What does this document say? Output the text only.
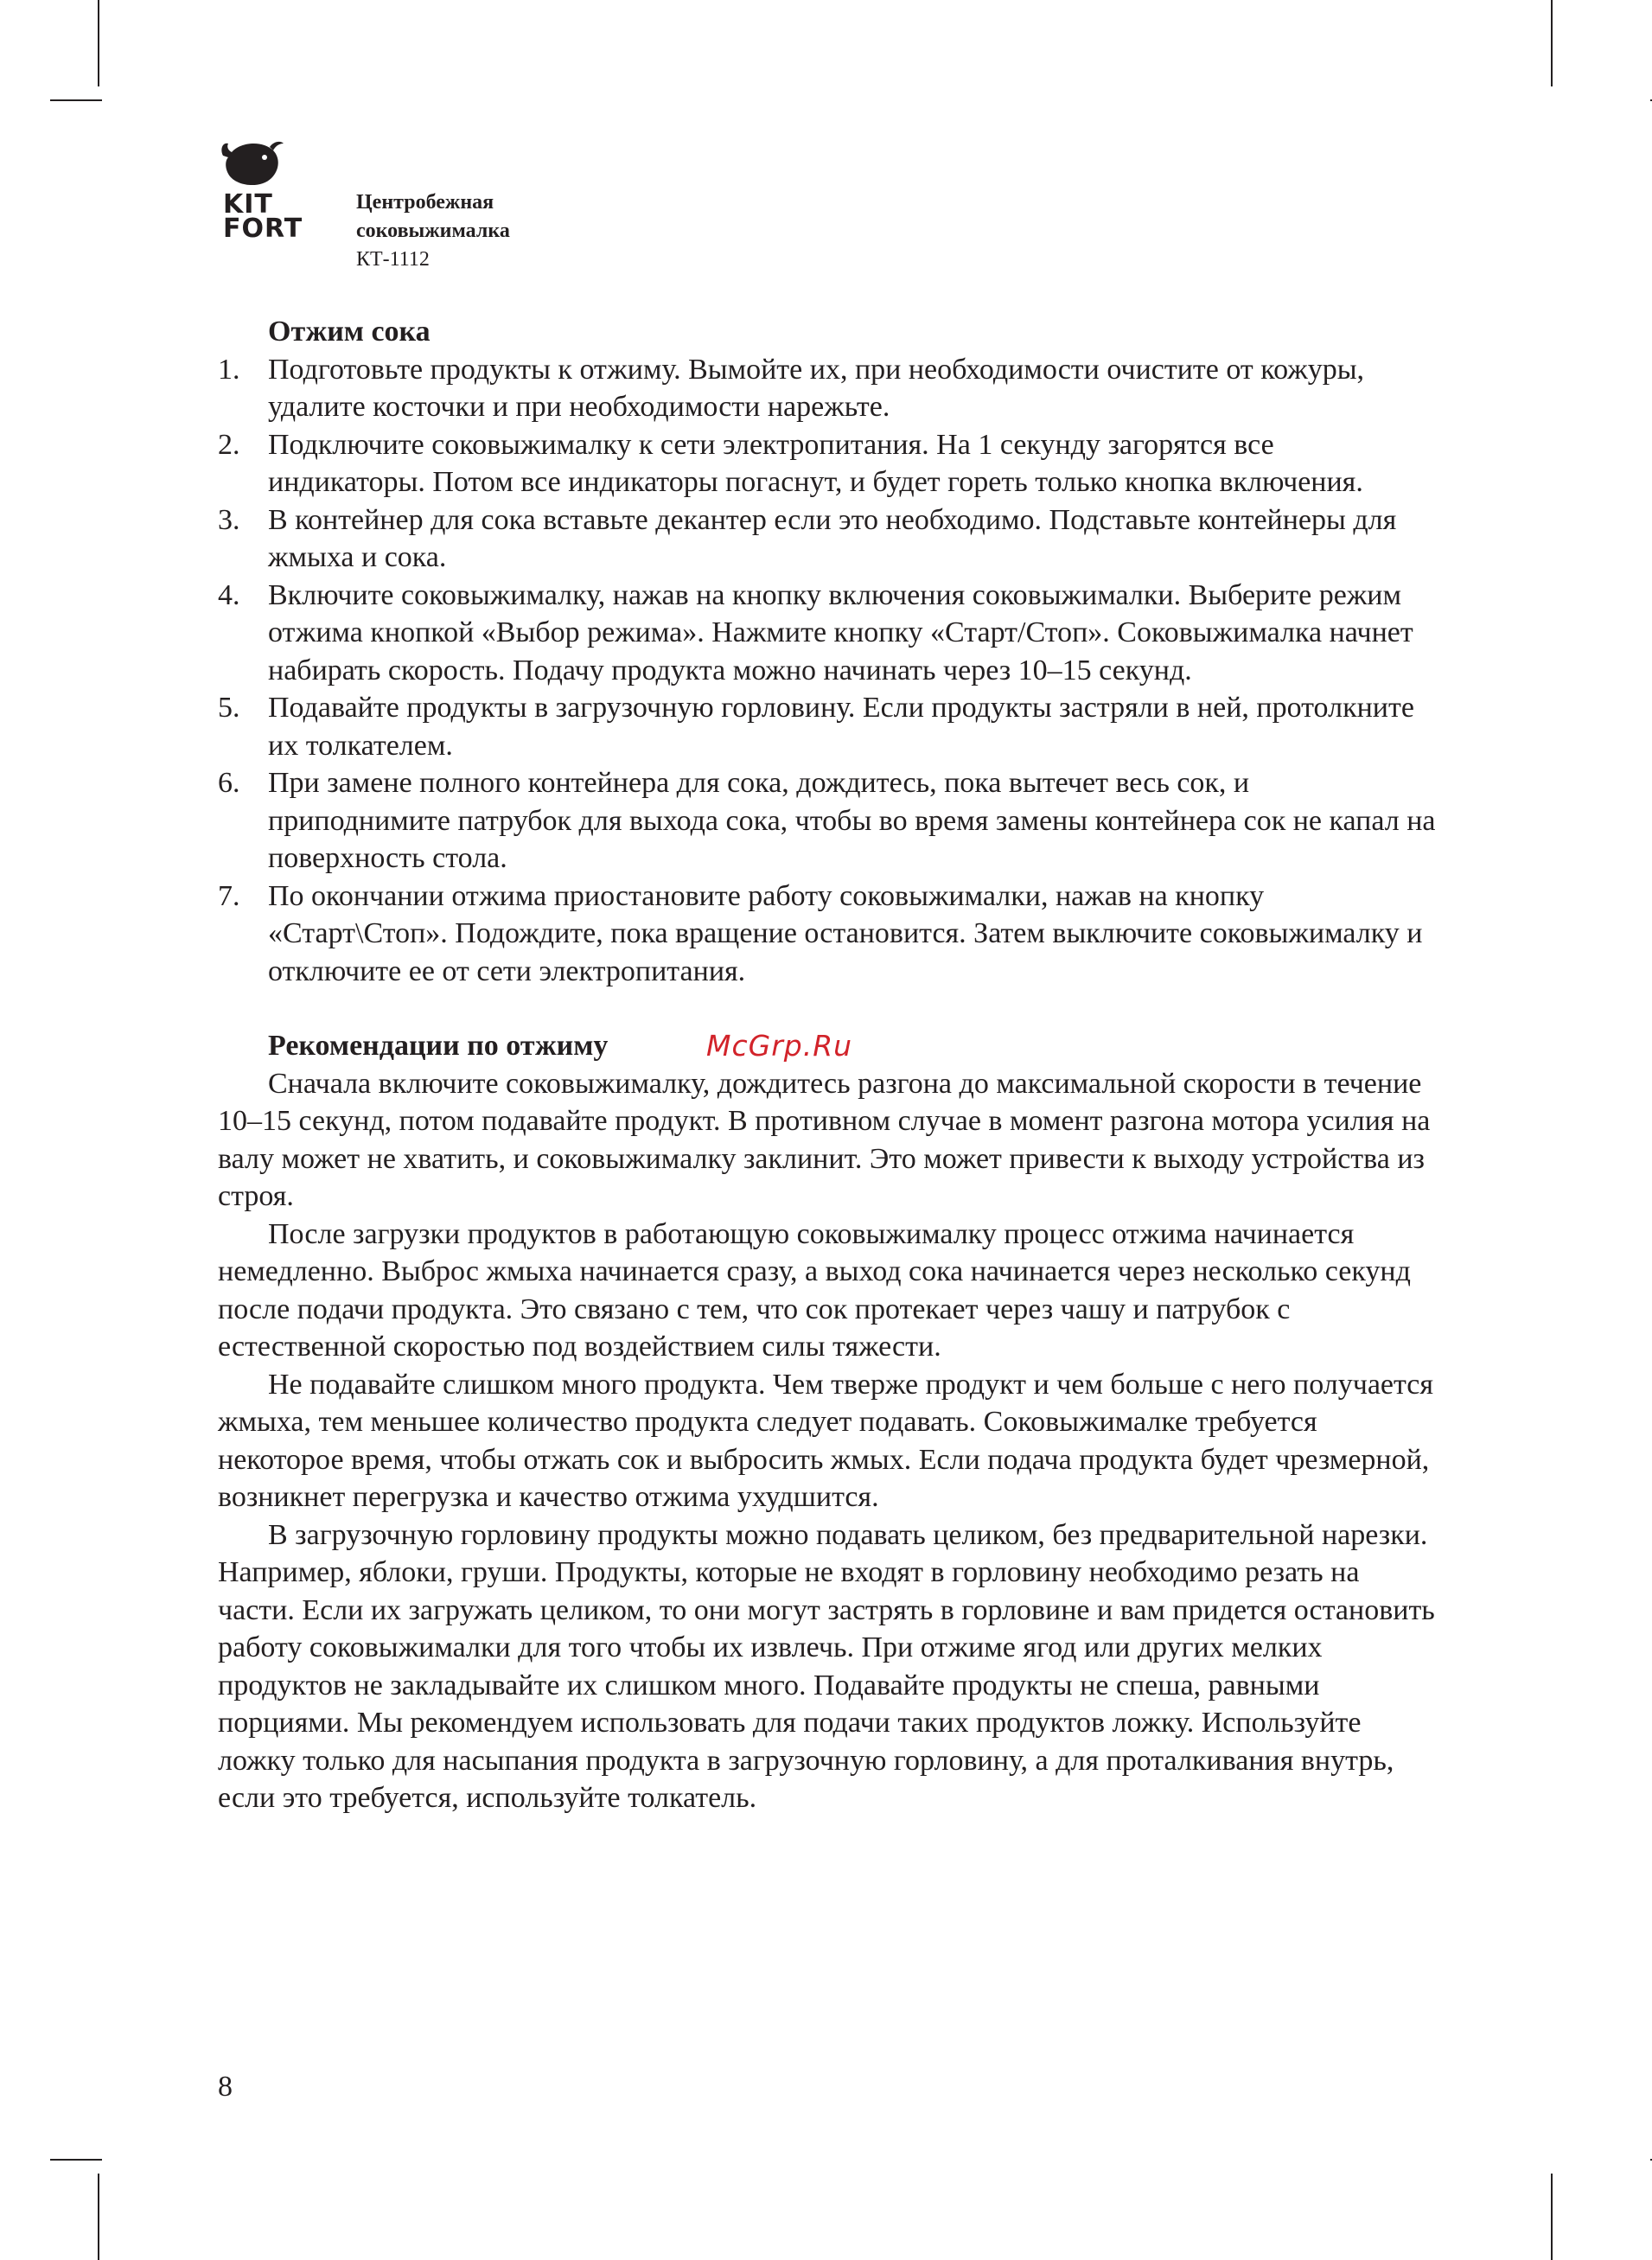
KIT
FORT
Центробежная
соковыжималка
КТ-1112
Отжим сока
1. Подготовьте продукты к отжиму. Вымойте их, при необходимости очистите от кожуры, удалите косточки и при необходимости нарежьте.
2. Подключите соковыжималку к сети электропитания. На 1 секунду загорятся все индикаторы. Потом все индикаторы погаснут, и будет гореть только кнопка включения.
3. В контейнер для сока вставьте декантер если это необходимо. Подставьте контейнеры для жмыха и сока.
4. Включите соковыжималку, нажав на кнопку включения соковыжималки. Выберите режим отжима кнопкой «Выбор режима». Нажмите кнопку «Старт/Стоп». Соковыжималка начнет набирать скорость. Подачу продукта можно начинать через 10–15 секунд.
5. Подавайте продукты в загрузочную горловину. Если продукты застряли в ней, протолкните их толкателем.
6. При замене полного контейнера для сока, дождитесь, пока вытечет весь сок, и приподнимите патрубок для выхода сока, чтобы во время замены контейнера сок не капал на поверхность стола.
7. По окончании отжима приостановите работу соковыжималки, нажав на кнопку «Старт\Стоп». Подождите, пока вращение остановится. Затем выключите соковыжималку и отключите ее от сети электропитания.
Рекомендации по отжиму	McGrp.Ru

Сначала включите соковыжималку, дождитесь разгона до максимальной скорости в течение 10–15 секунд, потом подавайте продукт. В противном случае в момент разгона мотора усилия на валу может не хватить, и соковыжималку заклинит. Это может привести к выходу устройства из строя.

После загрузки продуктов в работающую соковыжималку процесс отжима начинается немедленно. Выброс жмыха начинается сразу, а выход сока начинается через несколько секунд после подачи продукта. Это связано с тем, что сок протекает через чашу и патрубок с естественной скоростью под воздействием силы тяжести.

Не подавайте слишком много продукта. Чем тверже продукт и чем больше с него получается жмыха, тем меньшее количество продукта следует подавать. Соковыжималке требуется некоторое время, чтобы отжать сок и выбросить жмых. Если подача продукта будет чрезмерной, возникнет перегрузка и качество отжима ухудшится.

В загрузочную горловину продукты можно подавать целиком, без предварительной нарезки. Например, яблоки, груши. Продукты, которые не входят в горловину необходимо резать на части. Если их загружать целиком, то они могут застрять в горловине и вам придется остановить работу соковыжималки для того чтобы их извлечь. При отжиме ягод или других мелких продуктов не закладывайте их слишком много. Подавайте продукты не спеша, равными порциями. Мы рекомендуем использовать для подачи таких продуктов ложку. Используйте ложку только для насыпания продукта в загрузочную горловину, а для проталкивания внутрь, если это требуется, используйте толкатель.

8
